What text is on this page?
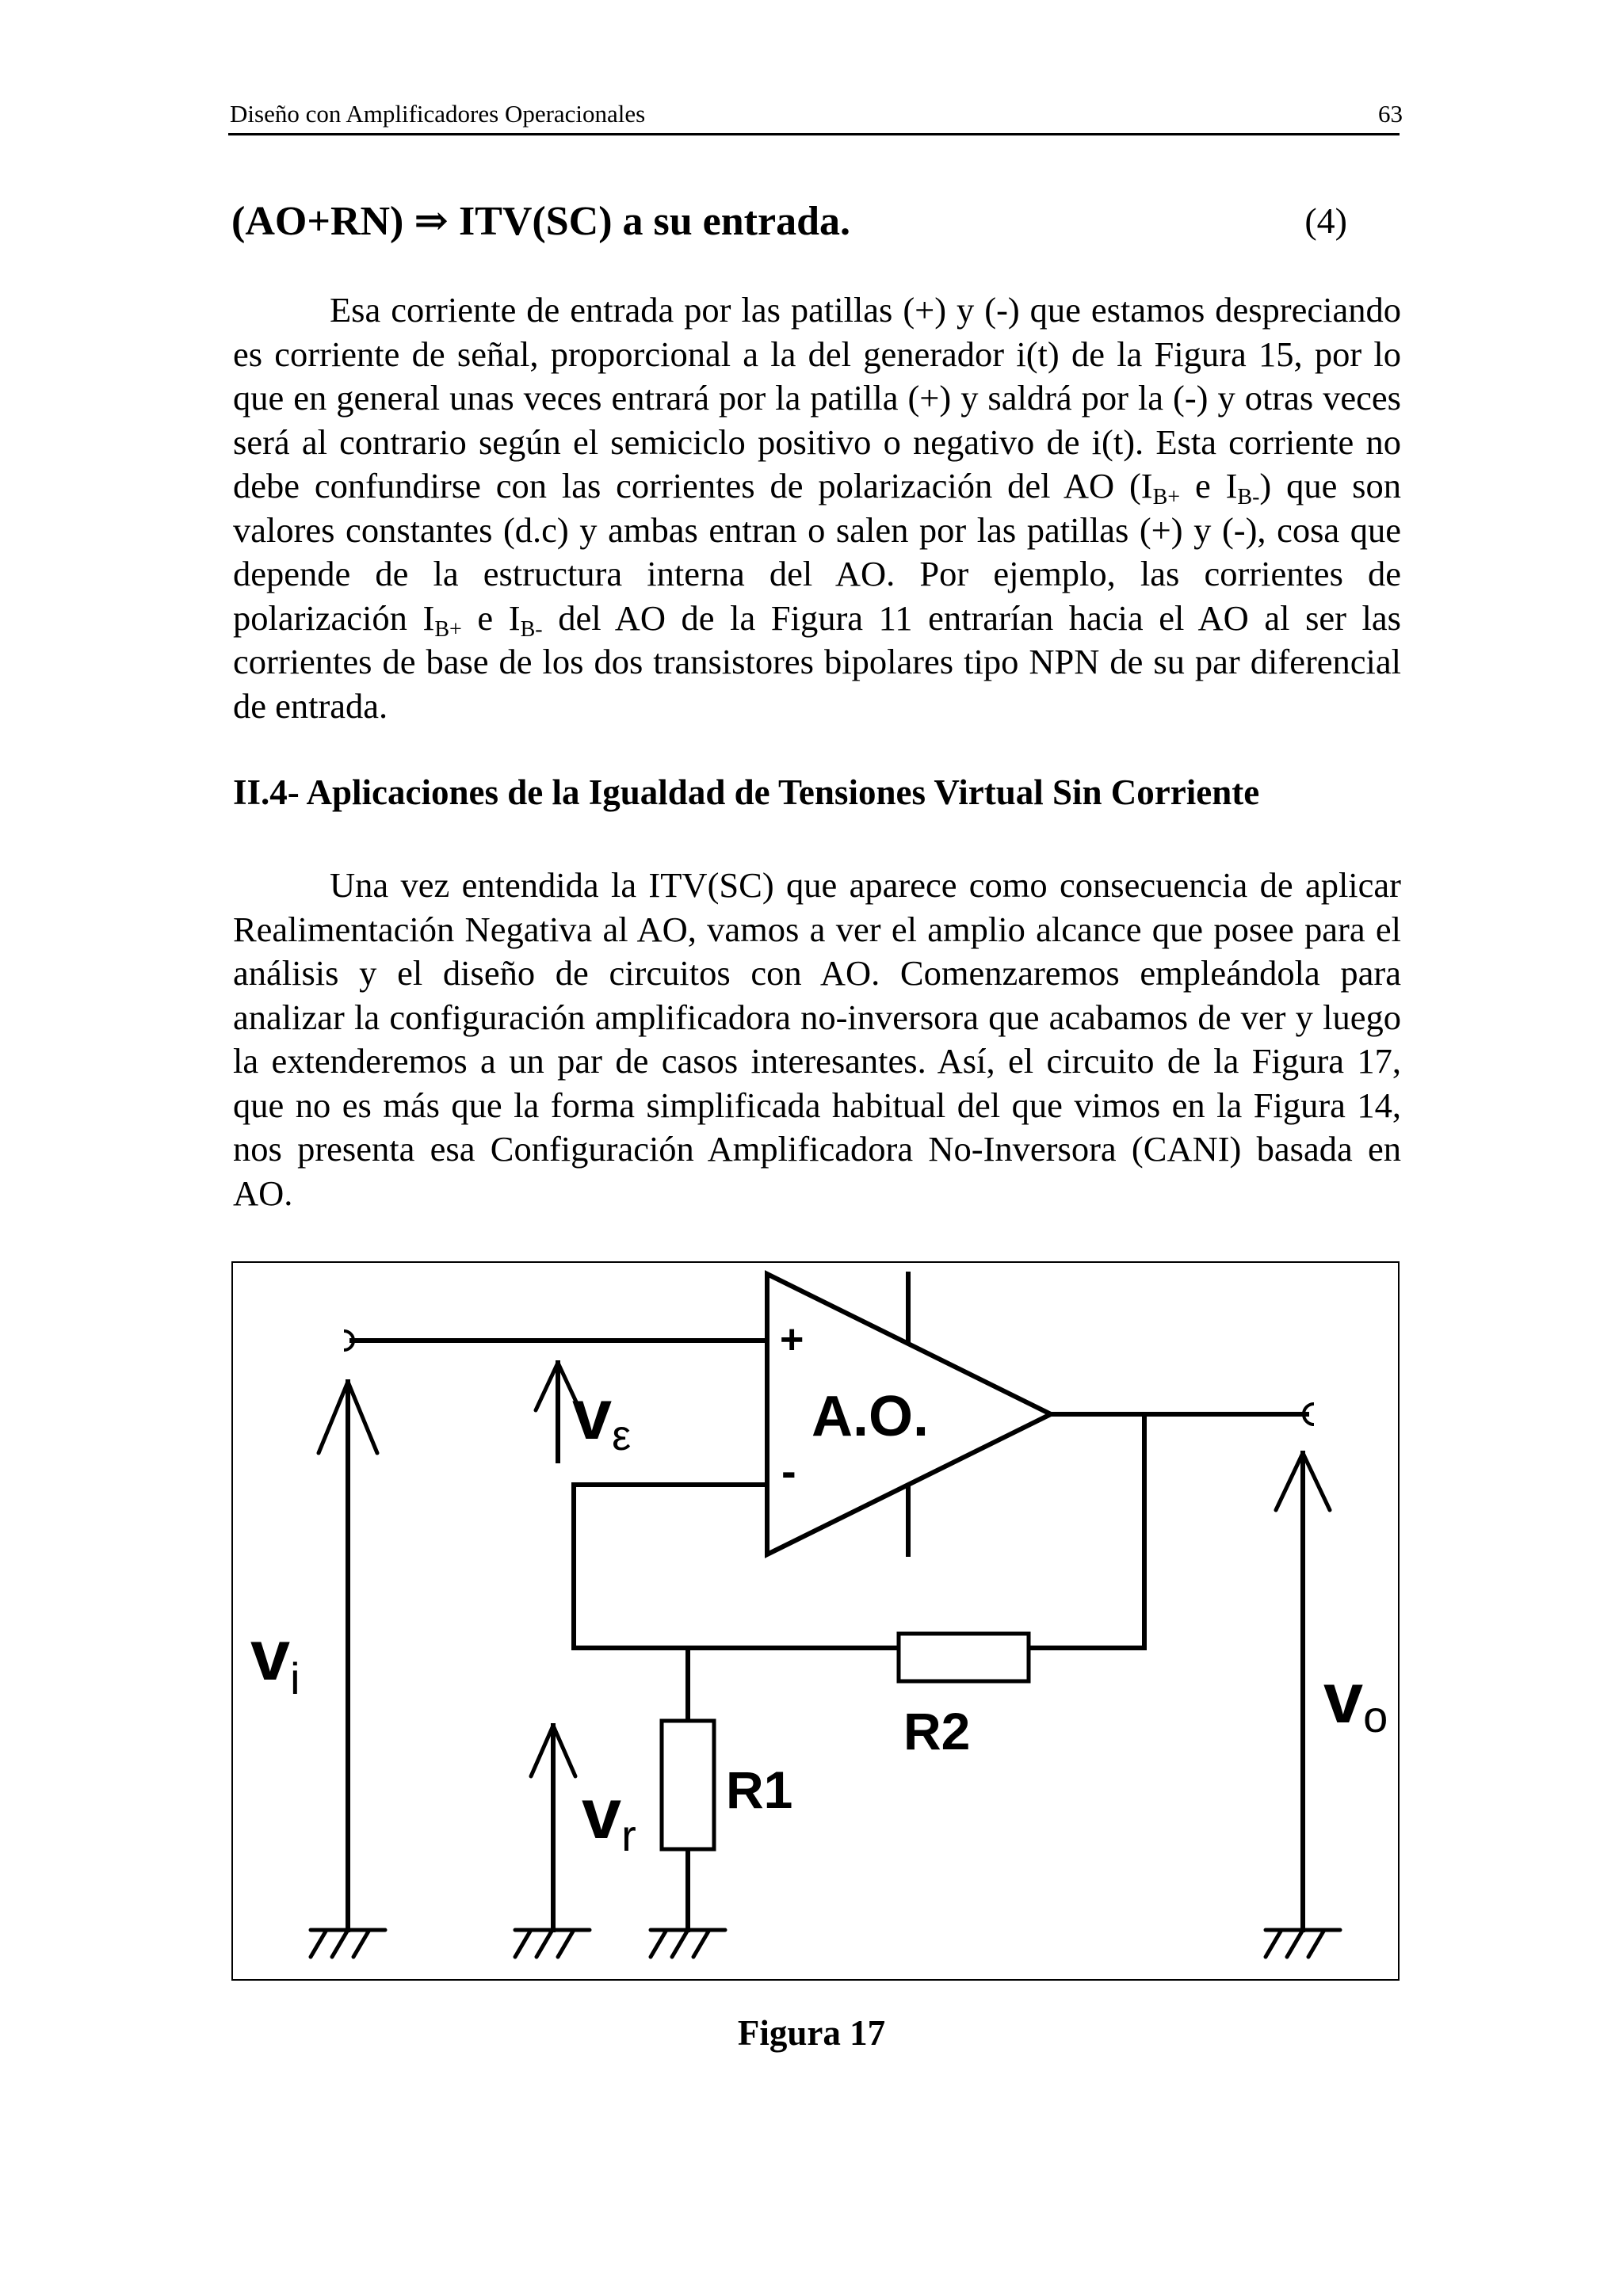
Diseño con Amplificadores Operacionales	63
(AO+RN) ⇒ ITV(SC) a su entrada.	(4)

Esa corriente de entrada por las patillas (+) y (-) que estamos despreciando es corriente de señal, proporcional a la del generador i(t) de la Figura 15, por lo que en general unas veces entrará por la patilla (+) y saldrá por la (-) y otras veces será al contrario según el semiciclo positivo o negativo de i(t). Esta corriente no debe confundirse con las corrientes de polarización del AO ($I_{B+}$ e $I_{B-}$) que son valores constantes (d.c) y ambas entran o salen por las patillas (+) y (-), cosa que depende de la estructura interna del AO. Por ejemplo, las corrientes de polarización $I_{B+}$ e $I_{B-}$ del AO de la Figura 11 entrarían hacia el AO al ser las corrientes de base de los dos transistores bipolares tipo NPN de su par diferencial de entrada.

II.4- Aplicaciones de la Igualdad de Tensiones Virtual Sin Corriente

Una vez entendida la ITV(SC) que aparece como consecuencia de aplicar Realimentación Negativa al AO, vamos a ver el amplio alcance que posee para el análisis y el diseño de circuitos con AO. Comenzaremos empleándola para analizar la configuración amplificadora no-inversora que acabamos de ver y luego la extenderemos a un par de casos interesantes. Así, el circuito de la Figura 17, que no es más que la forma simplificada habitual del que vimos en la Figura 14, nos presenta esa Configuración Amplificadora No-Inversora (CANI) basada en AO.

A.O.
+
-
R2
R1
$v_i$	vo
vε
vr
Figura 17
